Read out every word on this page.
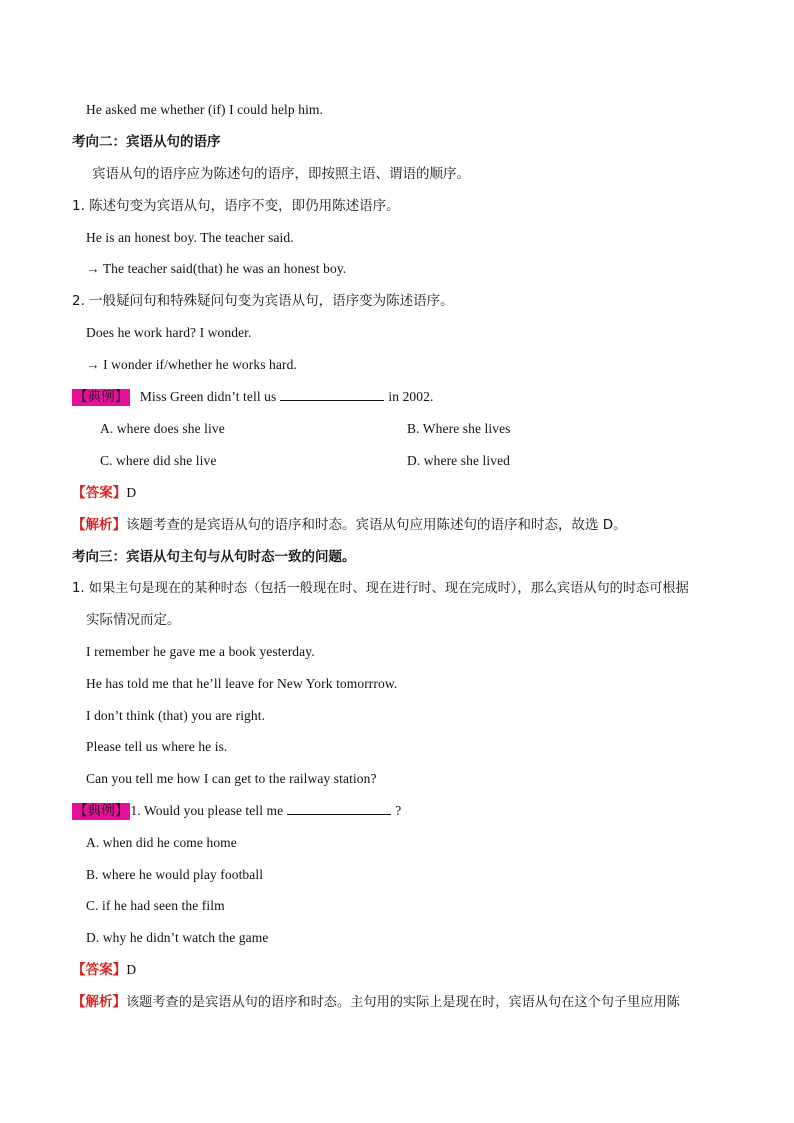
He asked me whether (if) I could help him.
考向二：宾语从句的语序
宾语从句的语序应为陈述句的语序，即按照主语、谓语的顺序。
1. 陈述句变为宾语从句，语序不变，即仍用陈述语序。
He is an honest boy. The teacher said.
→ The teacher said(that) he was an honest boy.
2. 一般疑问句和特殊疑问句变为宾语从句，语序变为陈述语序。
Does he work hard? I wonder.
→ I wonder if/whether he works hard.
【典例】 Miss Green didn’t tell us	in 2002.
A. where does she live	B. Where she lives
C. where did she live	D. where she lived
【答案】D
【解析】该题考查的是宾语从句的语序和时态。宾语从句应用陈述句的语序和时态，故选 D。
考向三：宾语从句主句与从句时态一致的问题。
1. 如果主句是现在的某种时态（包括一般现在时、现在进行时、现在完成时），那么宾语从句的时态可根据
实际情况而定。
I remember he gave me a book yesterday.
He has told me that he’ll leave for New York tomorrrow.
I don’t think (that) you are right.
Please tell us where he is.
Can you tell me how I can get to the railway station?
【典例】 1. Would you please tell me	?
A. when did he come home
B. where he would play football
C. if he had seen the film
D. why he didn’t watch the game
【答案】D
【解析】该题考查的是宾语从句的语序和时态。主句用的实际上是现在时，宾语从句在这个句子里应用陈
